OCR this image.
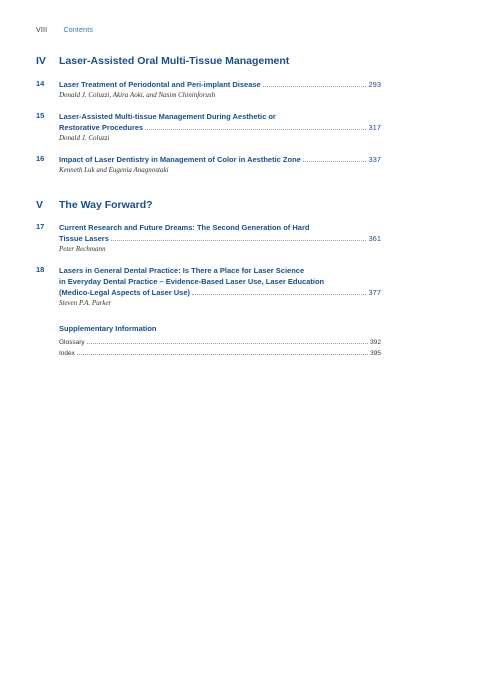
VIII Contents
IV Laser-Assisted Oral Multi-Tissue Management
14 Laser Treatment of Periodontal and Peri-implant Disease	293
Donald J. Coluzzi, Akira Aoki, and Nasim Chininforush
15 Laser-Assisted Multi-tissue Management During Aesthetic or
Restorative Procedures	317
Donald J. Coluzzi
16 Impact of Laser Dentistry in Management of Color in Aesthetic Zone	337
Kenneth Luk and Eugenia Anagnostaki
V The Way Forward?
17 Current Research and Future Dreams: The Second Generation of Hard
Tissue Lasers	361
Peter Rechmann
18 Lasers in General Dental Practice: Is There a Place for Laser Science
in Everyday Dental Practice – Evidence-Based Laser Use, Laser Education
(Medico-Legal Aspects of Laser Use)	377
Steven P.A. Parker
Supplementary Information
Glossary	392
Index	395
